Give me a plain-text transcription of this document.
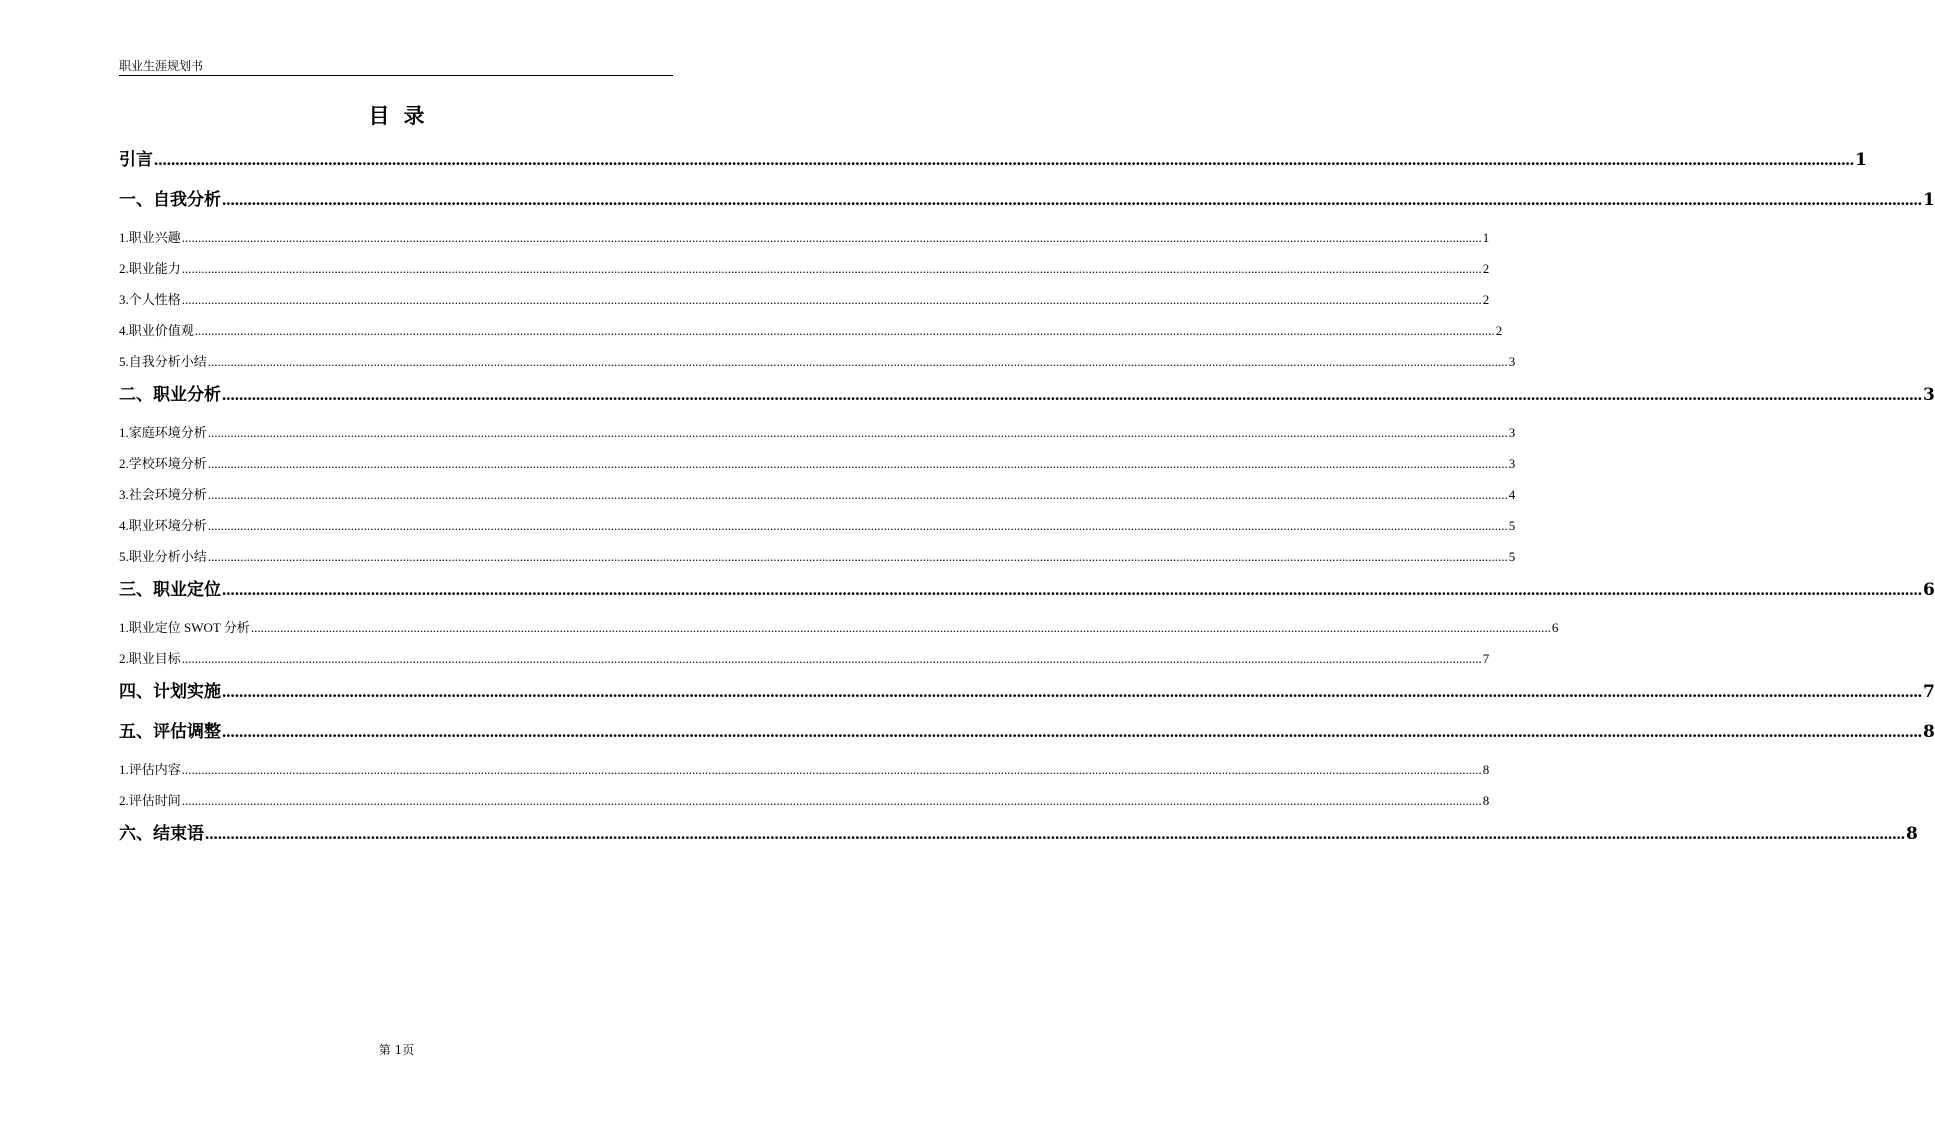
职业生涯规划书
目录
引言 ................................................................................................................................................................................................................................................................................................................................................................................................................ 1
一、自我分析 ................................................................................................................................................................................................................................................................................................................................................................................................................ 1
1.职业兴趣 ................................................................................................................................................................................................................................................................................................................................................................................................................ 1
2.职业能力 ................................................................................................................................................................................................................................................................................................................................................................................................................ 2
3.个人性格 ................................................................................................................................................................................................................................................................................................................................................................................................................ 2
4.职业价值观 ................................................................................................................................................................................................................................................................................................................................................................................................................ 2
5.自我分析小结 ................................................................................................................................................................................................................................................................................................................................................................................................................ 3
二、职业分析 ................................................................................................................................................................................................................................................................................................................................................................................................................ 3
1.家庭环境分析 ................................................................................................................................................................................................................................................................................................................................................................................................................ 3
2.学校环境分析 ................................................................................................................................................................................................................................................................................................................................................................................................................ 3
3.社会环境分析 ................................................................................................................................................................................................................................................................................................................................................................................................................ 4
4.职业环境分析 ................................................................................................................................................................................................................................................................................................................................................................................................................ 5
5.职业分析小结 ................................................................................................................................................................................................................................................................................................................................................................................................................ 5
三、职业定位 ................................................................................................................................................................................................................................................................................................................................................................................................................ 6
1.职业定位 SWOT 分析 ................................................................................................................................................................................................................................................................................................................................................................................................................ 6
2.职业目标 ................................................................................................................................................................................................................................................................................................................................................................................................................ 7
四、计划实施 ................................................................................................................................................................................................................................................................................................................................................................................................................ 7
五、评估调整 ................................................................................................................................................................................................................................................................................................................................................................................................................ 8
1.评估内容 ................................................................................................................................................................................................................................................................................................................................................................................................................ 8
2.评估时间 ................................................................................................................................................................................................................................................................................................................................................................................................................ 8
六、结束语 ................................................................................................................................................................................................................................................................................................................................................................................................................ 8
第 1页
